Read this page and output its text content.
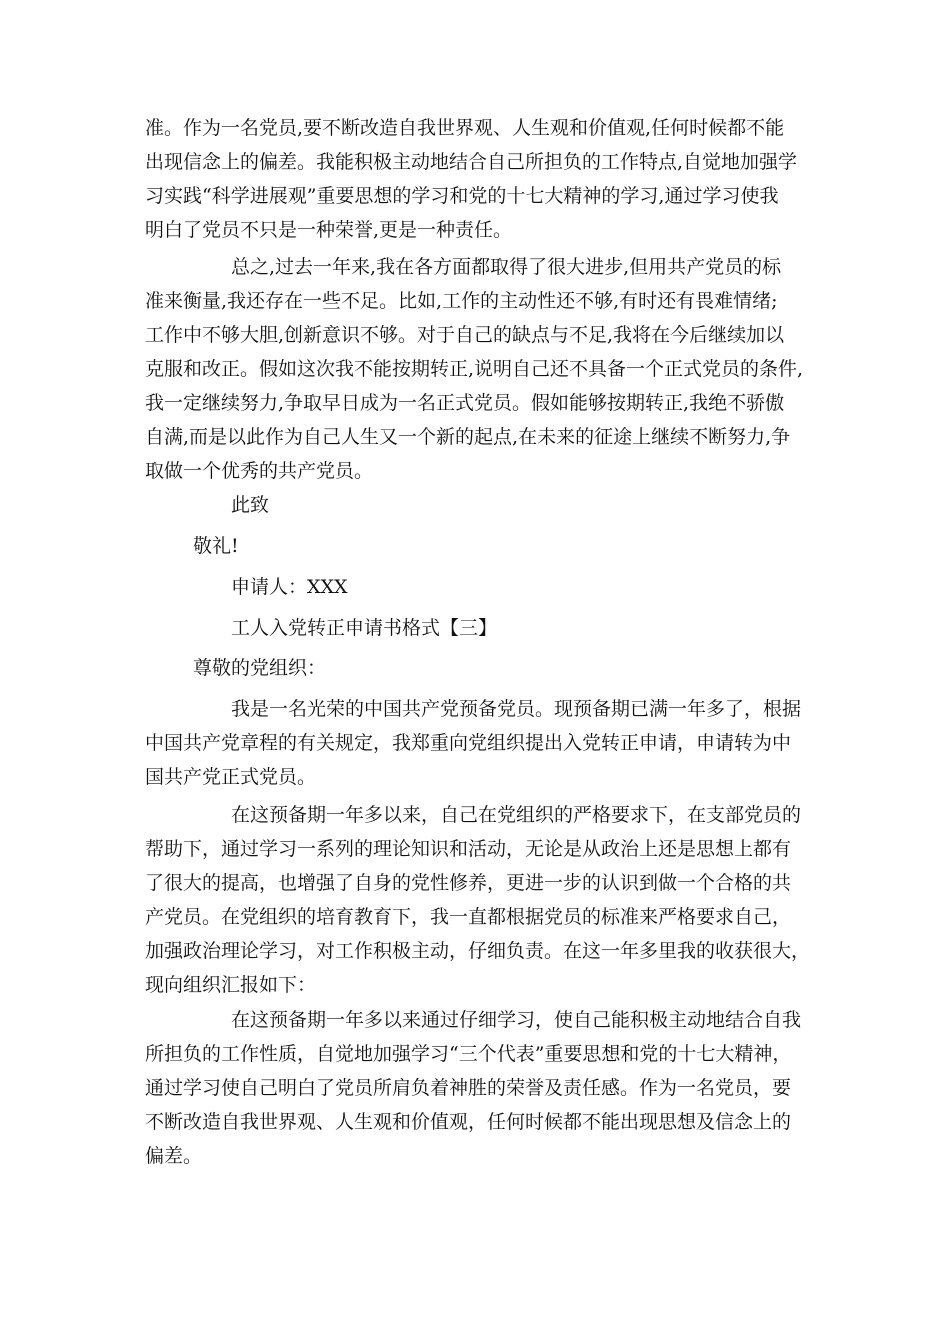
准。作为一名党员,要不断改造自我世界观、人生观和价值观,任何时候都不能
出现信念上的偏差。我能积极主动地结合自己所担负的工作特点,自觉地加强学
习实践“科学进展观”重要思想的学习和党的十七大精神的学习,通过学习使我
明白了党员不只是一种荣誉,更是一种责任。
总之,过去一年来,我在各方面都取得了很大进步,但用共产党员的标
准来衡量,我还存在一些不足。比如,工作的主动性还不够,有时还有畏难情绪;
工作中不够大胆,创新意识不够。对于自己的缺点与不足,我将在今后继续加以
克服和改正。假如这次我不能按期转正,说明自己还不具备一个正式党员的条件,
我一定继续努力,争取早日成为一名正式党员。假如能够按期转正,我绝不骄傲
自满,而是以此作为自己人生又一个新的起点,在未来的征途上继续不断努力,争
取做一个优秀的共产党员。
此致
敬礼!
申请人：XXX
工人入党转正申请书格式【三】
尊敬的党组织：
我是一名光荣的中国共产党预备党员。现预备期已满一年多了，根据
中国共产党章程的有关规定，我郑重向党组织提出入党转正申请，申请转为中
国共产党正式党员。
在这预备期一年多以来，自己在党组织的严格要求下，在支部党员的
帮助下，通过学习一系列的理论知识和活动，无论是从政治上还是思想上都有
了很大的提高，也增强了自身的党性修养，更进一步的认识到做一个合格的共
产党员。在党组织的培育教育下，我一直都根据党员的标准来严格要求自己，
加强政治理论学习，对工作积极主动，仔细负责。在这一年多里我的收获很大，
现向组织汇报如下：
在这预备期一年多以来通过仔细学习，使自己能积极主动地结合自我
所担负的工作性质，自觉地加强学习“三个代表”重要思想和党的十七大精神，
通过学习使自己明白了党员所肩负着神胜的荣誉及责任感。作为一名党员，要
不断改造自我世界观、人生观和价值观，任何时候都不能出现思想及信念上的
偏差。
